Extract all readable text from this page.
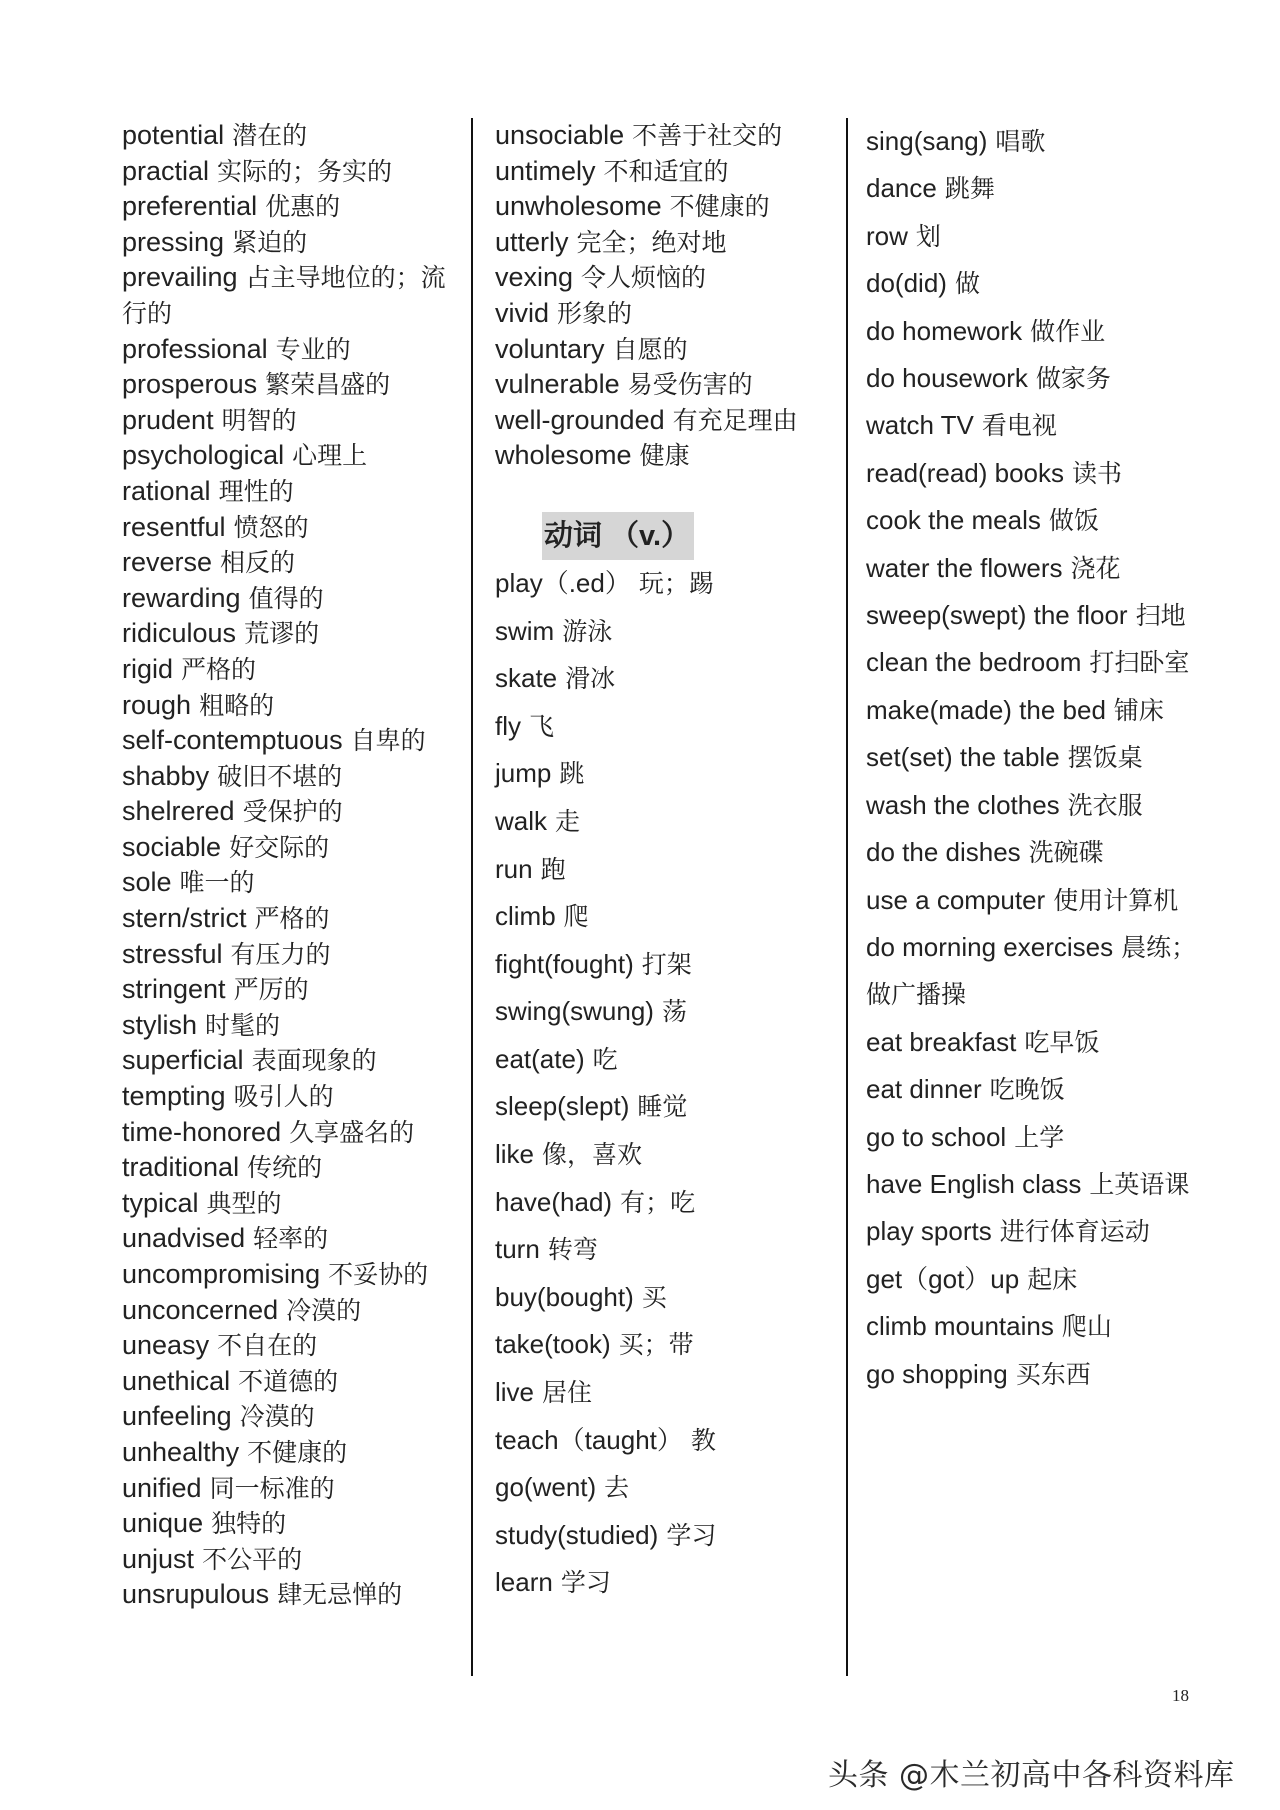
potential 潜在的

practial 实际的；务实的

preferential 优惠的

pressing 紧迫的

prevailing 占主导地位的；流行的

professional 专业的

prosperous 繁荣昌盛的

prudent 明智的

psychological 心理上

rational 理性的

resentful 愤怒的

reverse 相反的

rewarding 值得的

ridiculous 荒谬的

rigid 严格的

rough 粗略的

self-contemptuous 自卑的

shabby 破旧不堪的

shelrered 受保护的

sociable 好交际的

sole 唯一的

stern/strict 严格的

stressful 有压力的

stringent 严厉的

stylish 时髦的

superficial 表面现象的

tempting 吸引人的

time-honored 久享盛名的

traditional 传统的

typical 典型的

unadvised 轻率的

uncompromising 不妥协的

unconcerned 冷漠的

uneasy 不自在的

unethical 不道德的

unfeeling 冷漠的

unhealthy 不健康的

unified 同一标准的

unique 独特的

unjust 不公平的

unsrupulous 肆无忌惮的

unsociable 不善于社交的

untimely 不和适宜的

unwholesome 不健康的

utterly 完全；绝对地

vexing 令人烦恼的

vivid 形象的

voluntary 自愿的

vulnerable 易受伤害的

well-grounded 有充足理由

wholesome 健康

动词 （v.）

play（.ed） 玩；踢

swim 游泳

skate 滑冰

fly 飞

jump 跳

walk 走

run 跑

climb 爬

fight(fought) 打架

swing(swung) 荡

eat(ate) 吃

sleep(slept) 睡觉

like 像，喜欢

have(had) 有；吃

turn 转弯

buy(bought) 买

take(took) 买；带

live 居住

teach（taught） 教

go(went) 去

study(studied) 学习

learn 学习

sing(sang) 唱歌

dance 跳舞

row 划

do(did) 做

do homework 做作业

do housework 做家务

watch TV 看电视

read(read) books 读书

cook the meals 做饭

water the flowers 浇花

sweep(swept) the floor 扫地

clean the bedroom 打扫卧室

make(made) the bed 铺床

set(set) the table 摆饭桌

wash the clothes 洗衣服

do the dishes 洗碗碟

use a computer 使用计算机

do morning exercises 晨练；做广播操

eat breakfast 吃早饭

eat dinner 吃晚饭

go to school 上学

have English class 上英语课

play sports 进行体育运动

get（got）up 起床

climb mountains 爬山

go shopping 买东西

18
头条 @木兰初高中各科资料库
